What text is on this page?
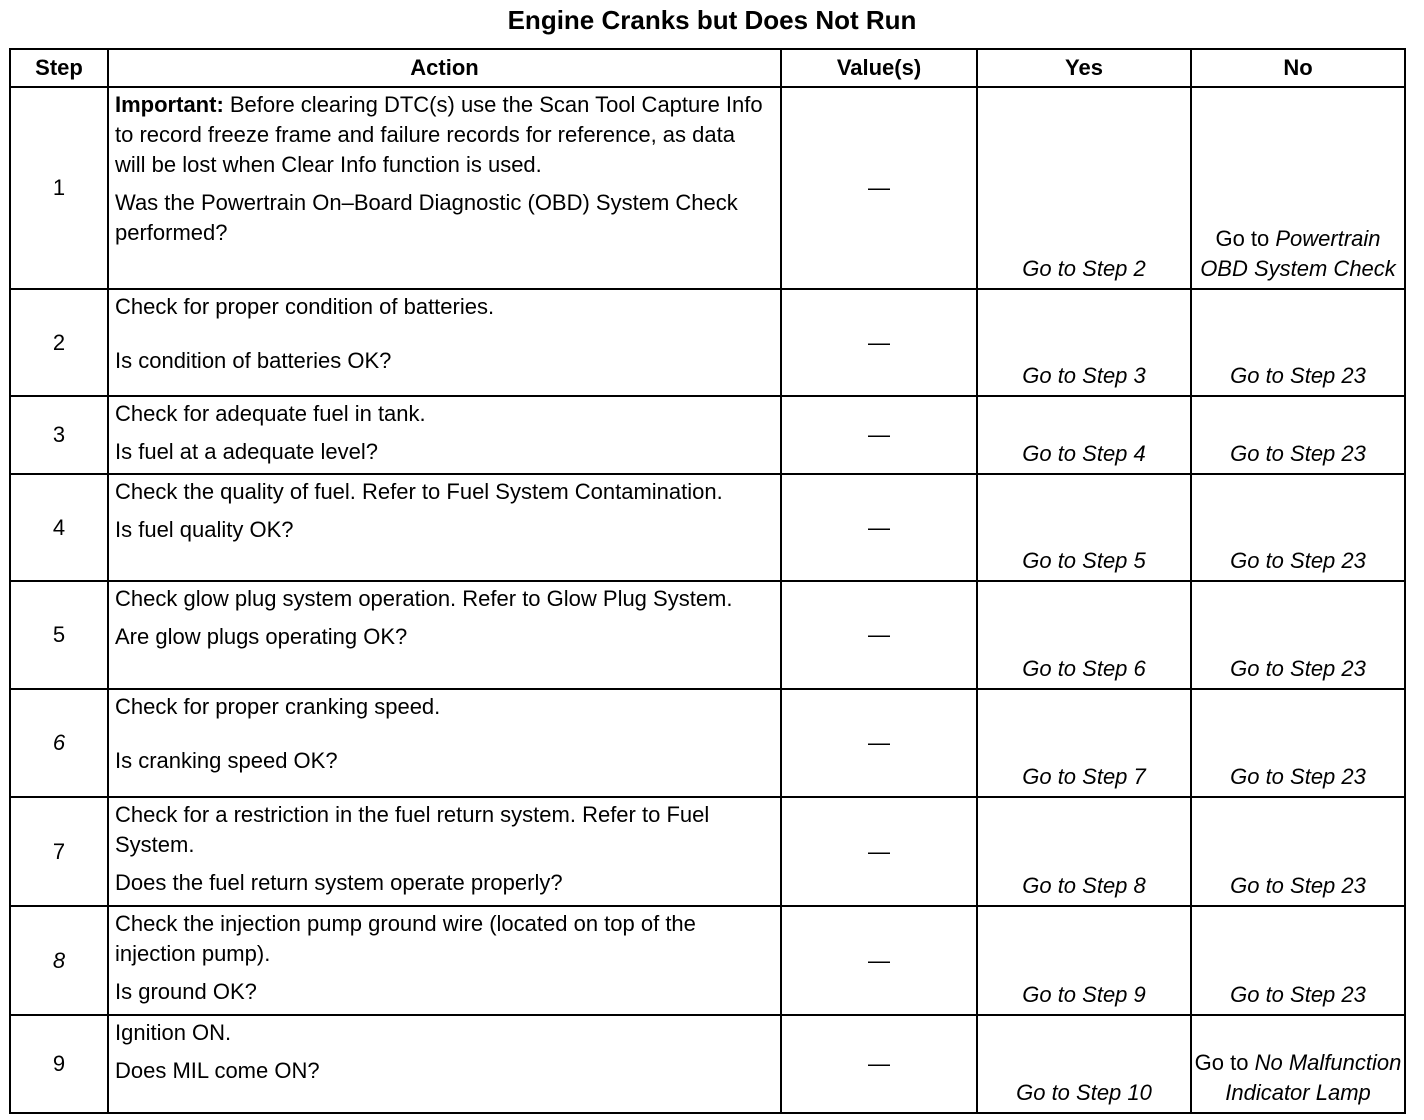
Engine Cranks but Does Not Run
Step	Action	Value(s)	Yes	No
1	Important: Before clearing DTC(s) use the Scan Tool Capture Info to record freeze frame and failure records for reference, as data will be lost when Clear Info function is used.

Was the Powertrain On–Board Diagnostic (OBD) System Check performed?	—	Go to Step 2	Go to Powertrain OBD System Check
2	Check for proper condition of batteries.

Is condition of batteries OK?	—	Go to Step 3	Go to Step 23
3	Check for adequate fuel in tank.

Is fuel at a adequate level?	—	Go to Step 4	Go to Step 23
4	Check the quality of fuel. Refer to Fuel System Contamination.

Is fuel quality OK?	—	Go to Step 5	Go to Step 23
5	Check glow plug system operation. Refer to Glow Plug System.

Are glow plugs operating OK?	—	Go to Step 6	Go to Step 23
6	Check for proper cranking speed.

Is cranking speed OK?	—	Go to Step 7	Go to Step 23
7	Check for a restriction in the fuel return system. Refer to Fuel System.

Does the fuel return system operate properly?	—	Go to Step 8	Go to Step 23
8	Check the injection pump ground wire (located on top of the injection pump).

Is ground OK?	—	Go to Step 9	Go to Step 23
9	Ignition ON.

Does MIL come ON?	—	Go to Step 10	Go to No Malfunction Indicator Lamp
